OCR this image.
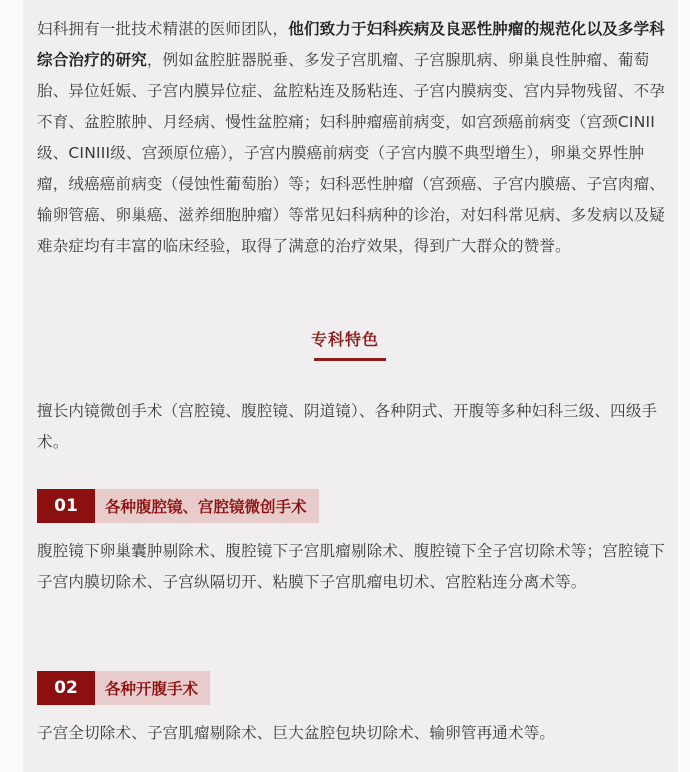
妇科拥有一批技术精湛的医师团队，他们致力于妇科疾病及良恶性肿瘤的规范化以及多学科综合治疗的研究，例如盆腔脏器脱垂、多发子宫肌瘤、子宫腺肌病、卵巢良性肿瘤、葡萄胎、异位妊娠、子宫内膜异位症、盆腔粘连及肠粘连、子宫内膜病变、宫内异物残留、不孕不育、盆腔脓肿、月经病、慢性盆腔痛；妇科肿瘤癌前病变，如宫颈癌前病变（宫颈CINII级、CINIII级、宫颈原位癌），子宫内膜癌前病变（子宫内膜不典型增生），卵巢交界性肿瘤，绒癌癌前病变（侵蚀性葡萄胎）等；妇科恶性肿瘤（宫颈癌、子宫内膜癌、子宫肉瘤、输卵管癌、卵巢癌、滋养细胞肿瘤）等常见妇科病种的诊治，对妇科常见病、多发病以及疑难杂症均有丰富的临床经验，取得了满意的治疗效果，得到广大群众的赞誉。

专科特色

擅长内镜微创手术（宫腔镜、腹腔镜、阴道镜）、各种阴式、开腹等多种妇科三级、四级手术。

01	各种腹腔镜、宫腔镜微创手术

腹腔镜下卵巢囊肿剔除术、腹腔镜下子宫肌瘤剔除术、腹腔镜下全子宫切除术等；宫腔镜下子宫内膜切除术、子宫纵隔切开、粘膜下子宫肌瘤电切术、宫腔粘连分离术等。

02	各种开腹手术

子宫全切除术、子宫肌瘤剔除术、巨大盆腔包块切除术、输卵管再通术等。
